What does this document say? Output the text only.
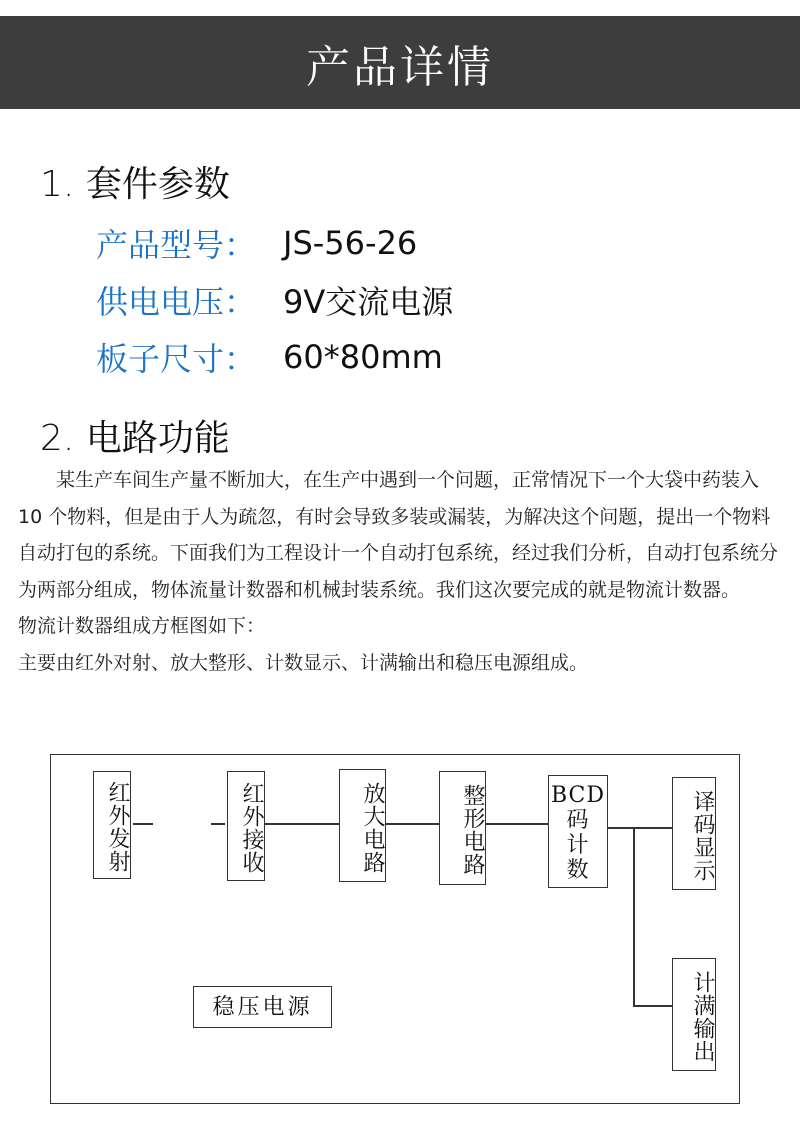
产品详情
1. 套件参数
产品型号： JS-56-26
供电电压： 9V交流电源
板子尺寸： 60*80mm
2. 电路功能

某生产车间生产量不断加大，在生产中遇到一个问题，正常情况下一个大袋中药装入 10 个物料，但是由于人为疏忽，有时会导致多装或漏装，为解决这个问题，提出一个物料自动打包的系统。下面我们为工程设计一个自动打包系统，经过我们分析，自动打包系统分为两部分组成，物体流量计数器和机械封装系统。我们这次要完成的就是物流计数器。

物流计数器组成方框图如下：

主要由红外对射、放大整形、计数显示、计满输出和稳压电源组成。

红外发射	红外接收	放大电路	整形电路	BCD
码
计
数	译码显示
计满输出
稳压电源
